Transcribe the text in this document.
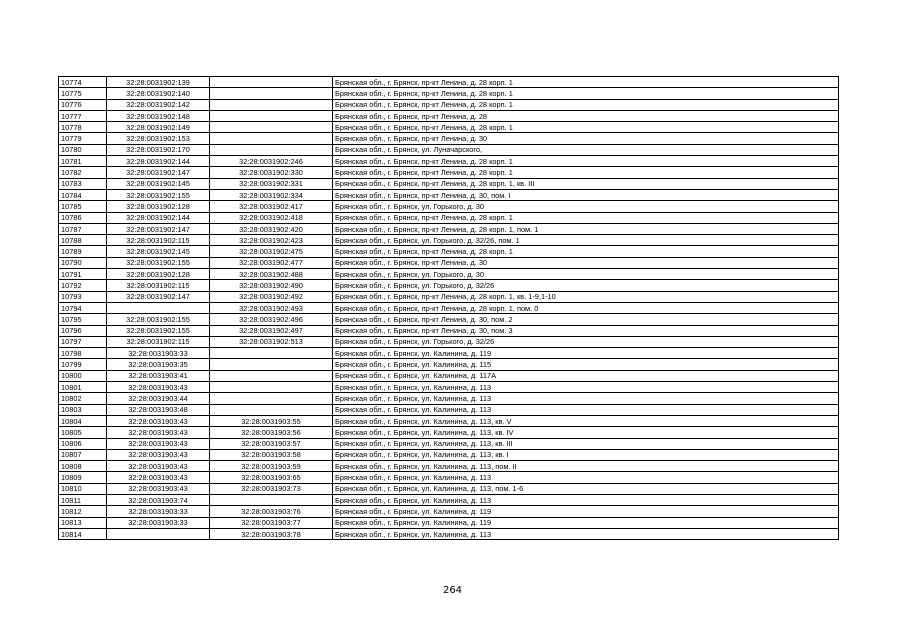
10774	32:28:0031902:139		Брянская обл., г. Брянск, пр-кт Ленина, д. 28 корп. 1
10775	32:28:0031902:140		Брянская обл., г. Брянск, пр-кт Ленина, д. 28 корп. 1
10776	32:28:0031902:142		Брянская обл., г. Брянск, пр-кт Ленина, д. 28 корп. 1
10777	32:28:0031902:148		Брянская обл., г. Брянск, пр-кт Ленина, д. 28
10778	32:28:0031902:149		Брянская обл., г. Брянск, пр-кт Ленина, д. 28 корп. 1
10779	32:28:0031902:153		Брянская обл., г. Брянск, пр-кт Ленина, д. 30
10780	32:28:0031902:170		Брянская обл., г. Брянск, ул. Луначарского,
10781	32:28:0031902:144	32:28:0031902:246	Брянская обл., г. Брянск, пр-кт Ленина, д. 28 корп. 1
10782	32:28:0031902:147	32:28:0031902:330	Брянская обл., г. Брянск, пр-кт Ленина, д. 28 корп. 1
10783	32:28:0031902:145	32:28:0031902:331	Брянская обл., г. Брянск, пр-кт Ленина, д. 28 корп. 1, кв. III
10784	32:28:0031902:155	32:28:0031902:334	Брянская обл., г. Брянск, пр-кт Ленина, д. 30, пом. I
10785	32:28:0031902:128	32:28:0031902:417	Брянская обл., г. Брянск, ул. Горького, д. 30
10786	32:28:0031902:144	32:28:0031902:418	Брянская обл., г. Брянск, пр-кт Ленина, д. 28 корп. 1
10787	32:28:0031902:147	32:28:0031902:420	Брянская обл., г. Брянск, пр-кт Ленина, д. 28 корп. 1, пом. 1
10788	32:28:0031902:115	32:28:0031902:423	Брянская обл., г. Брянск, ул. Горького, д. 32/26, пом. 1
10789	32:28:0031902:145	32:28:0031902:475	Брянская обл., г. Брянск, пр-кт Ленина, д. 28 корп. 1
10790	32:28:0031902:155	32:28:0031902:477	Брянская обл., г. Брянск, пр-кт Ленина, д. 30
10791	32:28:0031902:128	32:28:0031902:488	Брянская обл., г. Брянск, ул. Горького, д. 30
10792	32:28:0031902:115	32:28:0031902:490	Брянская обл., г. Брянск, ул. Горького, д. 32/26
10793	32:28:0031902:147	32:28:0031902:492	Брянская обл., г. Брянск, пр-кт Ленина, д. 28 корп. 1, кв. 1-9,1-10
10794		32:28:0031902:493	Брянская обл., г. Брянск, пр-кт Ленина, д. 28 корп. 1, пом. 0
10795	32:28:0031902:155	32:28:0031902:496	Брянская обл., г. Брянск, пр-кт Ленина, д. 30, пом. 2
10796	32:28:0031902:155	32:28:0031902:497	Брянская обл., г. Брянск, пр-кт Ленина, д. 30, пом. 3
10797	32:28:0031902:115	32:28:0031902:513	Брянская обл., г. Брянск, ул. Горького, д. 32/26
10798	32:28:0031903:33		Брянская обл., г. Брянск, ул. Калинина, д. 119
10799	32:28:0031903:35		Брянская обл., г. Брянск, ул. Калинина, д. 115
10800	32:28:0031903:41		Брянская обл., г. Брянск, ул. Калинина, д. 117А
10801	32:28:0031903:43		Брянская обл., г. Брянск, ул. Калинина, д. 113
10802	32:28:0031903:44		Брянская обл., г. Брянск, ул. Калинина, д. 113
10803	32:28:0031903:48		Брянская обл., г. Брянск, ул. Калинина, д. 113
10804	32:28:0031903:43	32:28:0031903:55	Брянская обл., г. Брянск, ул. Калинина, д. 113, кв. V
10805	32:28:0031903:43	32:28:0031903:56	Брянская обл., г. Брянск, ул. Калинина, д. 113, кв. IV
10806	32:28:0031903:43	32:28:0031903:57	Брянская обл., г. Брянск, ул. Калинина, д. 113, кв. III
10807	32:28:0031903:43	32:28:0031903:58	Брянская обл., г. Брянск, ул. Калинина, д. 113, кв. I
10808	32:28:0031903:43	32:28:0031903:59	Брянская обл., г. Брянск, ул. Калинина, д. 113, пом. II
10809	32:28:0031903:43	32:28:0031903:65	Брянская обл., г. Брянск, ул. Калинина, д. 113
10810	32:28:0031903:43	32:28:0031903:73	Брянская обл., г. Брянск, ул. Калинина, д. 113, пом. 1-6
10811	32:28:0031903:74		Брянская обл., г. Брянск, ул. Калинина, д. 113
10812	32:28:0031903:33	32:28:0031903:76	Брянская обл., г. Брянск, ул. Калинина, д. 119
10813	32:28:0031903:33	32:28:0031903:77	Брянская обл., г. Брянск, ул. Калинина, д. 119
10814		32:28:0031903:78	Брянская обл., г. Брянск, ул. Калинина, д. 113
264
